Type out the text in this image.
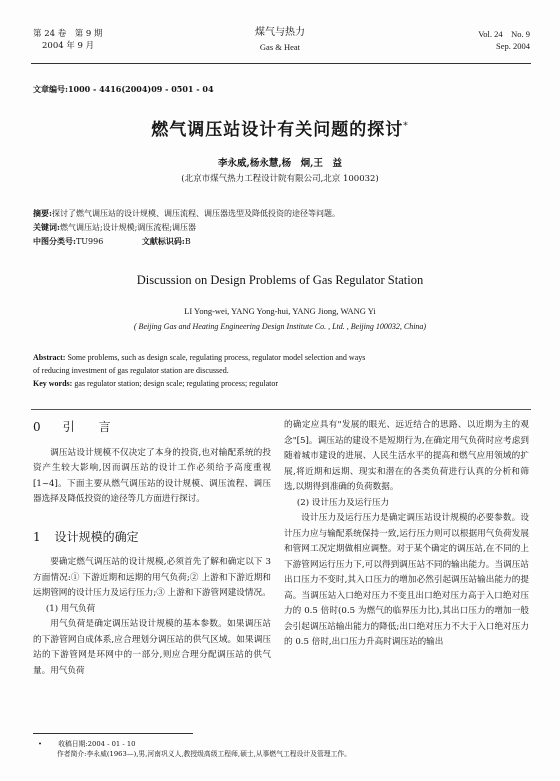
第 24 卷　第 9 期
2004 年 9 月
煤气与热力
Gas & Heat
Vol. 24　No. 9
Sep. 2004
文章编号:1000 - 4416(2004)09 - 0501 - 04
燃气调压站设计有关问题的探讨*
李永威,杨永慧,杨　炯,王　益
(北京市煤气热力工程设计院有限公司,北京 100032)
摘要:探讨了燃气调压站的设计规模、调压流程、调压器选型及降低投资的途径等问题。
关键词:燃气调压站;设计规模;调压流程;调压器
中图分类号:TU996	文献标识码:B
Discussion on Design Problems of Gas Regulator Station
LI Yong-wei, YANG Yong-hui, YANG Jiong, WANG Yi
( Beijing Gas and Heating Engineering Design Institute Co. , Ltd. , Beijing 100032, China)
Abstract: Some problems, such as design scale, regulating process, regulator model selection and ways
of reducing investment of gas regulator station are discussed.
Key words: gas regulator station; design scale; regulating process; regulator
0 引　　言

调压站设计规模不仅决定了本身的投资,也对输配系统的投资产生较大影响,因而调压站的设计工作必须给予高度重视[1~4]。下面主要从燃气调压站的设计规模、调压流程、调压器选择及降低投资的途径等几方面进行探讨。

1 设计规模的确定

要确定燃气调压站的设计规模,必须首先了解和确定以下 3 方面情况:① 下游近期和远期的用气负荷;② 上游和下游近期和远期管网的设计压力及运行压力;③ 上游和下游管网建设情况。

(1) 用气负荷

用气负荷是确定调压站设计规模的基本参数。如果调压站的下游管网自成体系,应合理划分调压站的供气区域。如果调压站的下游管网是环网中的一部分,则应合理分配调压站的供气量。用气负荷

的确定应具有"发展的眼光、远近结合的思路、以近期为主的观念"[5]。调压站的建设不是短期行为,在确定用气负荷时应考虑到随着城市建设的进展、人民生活水平的提高和燃气应用领域的扩展,将近期和远期、现实和潜在的各类负荷进行认真的分析和筛选,以期得到准确的负荷数据。

(2) 设计压力及运行压力

设计压力及运行压力是确定调压站设计规模的必要参数。设计压力应与输配系统保持一致,运行压力则可以根据用气负荷发展和管网工况定期做相应调整。对于某个确定的调压站,在不同的上下游管网运行压力下,可以得到调压站不同的输出能力。当调压站出口压力不变时,其入口压力的增加必然引起调压站输出能力的提高。当调压站入口绝对压力不变且出口绝对压力高于入口绝对压力的 0.5 倍时(0.5 为燃气的临界压力比),其出口压力的增加一般会引起调压站输出能力的降低;出口绝对压力不大于入口绝对压力的 0.5 倍时,出口压力升高时调压站的输出

• 收稿日期:2004 - 01 - 10
作者简介:李永威(1963—),男,河南巩义人,教授级高级工程师,硕士,从事燃气工程设计及管理工作。
